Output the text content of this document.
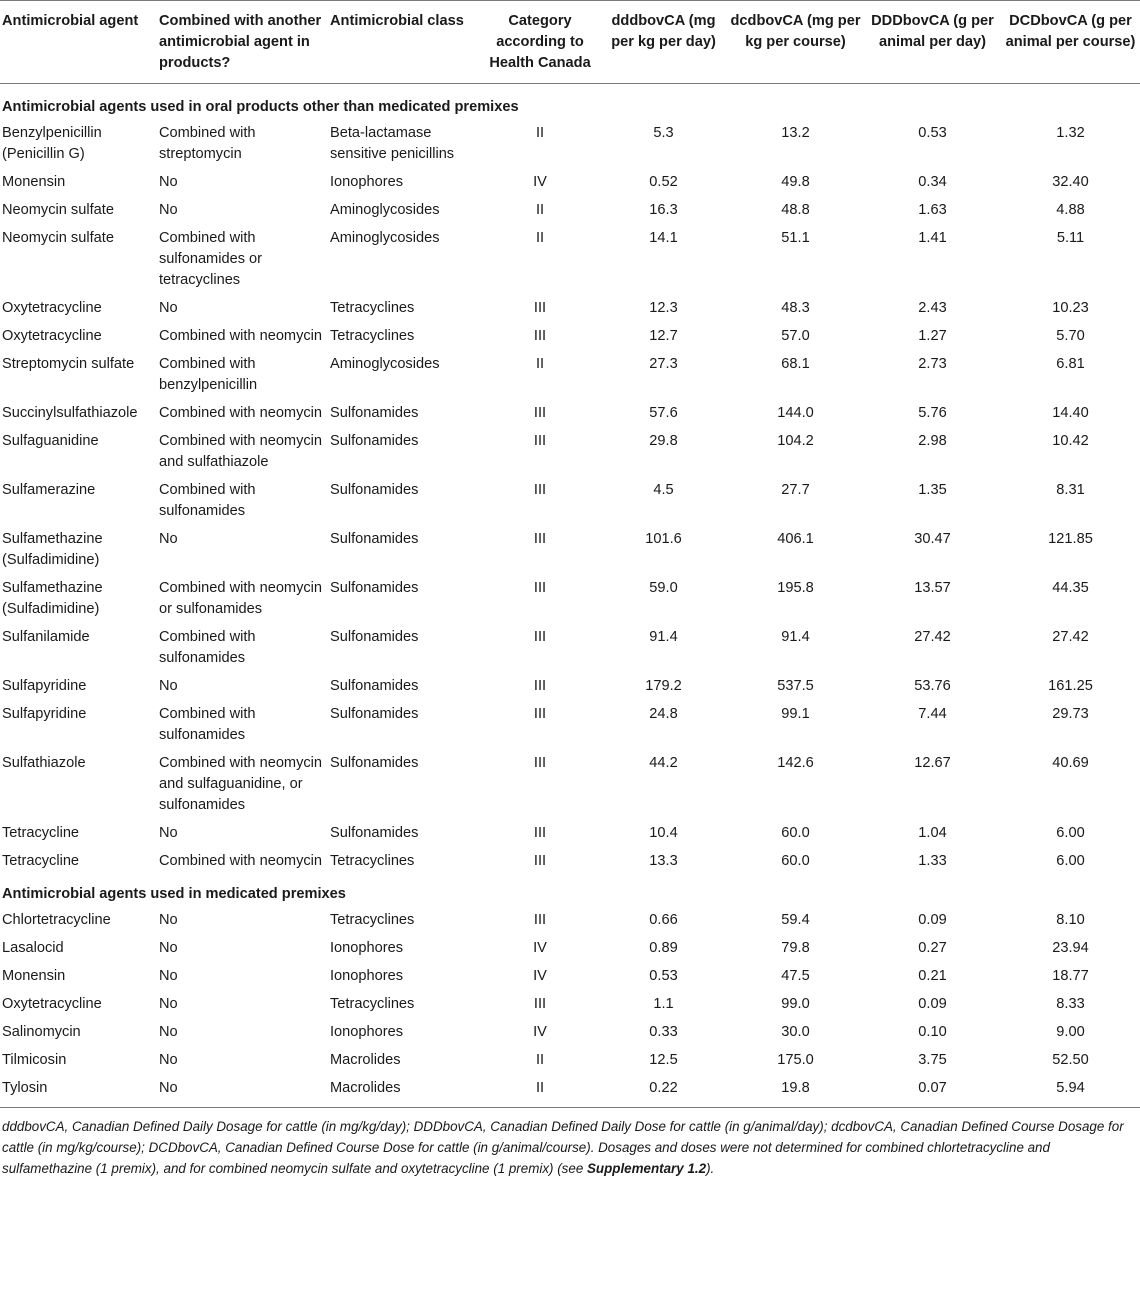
Antimicrobial agent	Combined with another antimicrobial agent in products?	Antimicrobial class	Category according to Health Canada	dddbovCA (mg per kg per day)	dcdbovCA (mg per kg per course)	DDDbovCA (g per animal per day)	DCDbovCA (g per animal per course)
Antimicrobial agents used in oral products other than medicated premixes							
Benzylpenicillin (Penicillin G)	Combined with streptomycin	Beta-lactamase sensitive penicillins	II	5.3	13.2	0.53	1.32
Monensin	No	Ionophores	IV	0.52	49.8	0.34	32.40
Neomycin sulfate	No	Aminoglycosides	II	16.3	48.8	1.63	4.88
Neomycin sulfate	Combined with sulfonamides or tetracyclines	Aminoglycosides	II	14.1	51.1	1.41	5.11
Oxytetracycline	No	Tetracyclines	III	12.3	48.3	2.43	10.23
Oxytetracycline	Combined with neomycin	Tetracyclines	III	12.7	57.0	1.27	5.70
Streptomycin sulfate	Combined with benzylpenicillin	Aminoglycosides	II	27.3	68.1	2.73	6.81
Succinylsulfathiazole	Combined with neomycin	Sulfonamides	III	57.6	144.0	5.76	14.40
Sulfaguanidine	Combined with neomycin and sulfathiazole	Sulfonamides	III	29.8	104.2	2.98	10.42
Sulfamerazine	Combined with sulfonamides	Sulfonamides	III	4.5	27.7	1.35	8.31
Sulfamethazine (Sulfadimidine)	No	Sulfonamides	III	101.6	406.1	30.47	121.85
Sulfamethazine (Sulfadimidine)	Combined with neomycin or sulfonamides	Sulfonamides	III	59.0	195.8	13.57	44.35
Sulfanilamide	Combined with sulfonamides	Sulfonamides	III	91.4	91.4	27.42	27.42
Sulfapyridine	No	Sulfonamides	III	179.2	537.5	53.76	161.25
Sulfapyridine	Combined with sulfonamides	Sulfonamides	III	24.8	99.1	7.44	29.73
Sulfathiazole	Combined with neomycin and sulfaguanidine, or sulfonamides	Sulfonamides	III	44.2	142.6	12.67	40.69
Tetracycline	No	Sulfonamides	III	10.4	60.0	1.04	6.00
Tetracycline	Combined with neomycin	Tetracyclines	III	13.3	60.0	1.33	6.00
Antimicrobial agents used in medicated premixes							
Chlortetracycline	No	Tetracyclines	III	0.66	59.4	0.09	8.10
Lasalocid	No	Ionophores	IV	0.89	79.8	0.27	23.94
Monensin	No	Ionophores	IV	0.53	47.5	0.21	18.77
Oxytetracycline	No	Tetracyclines	III	1.1	99.0	0.09	8.33
Salinomycin	No	Ionophores	IV	0.33	30.0	0.10	9.00
Tilmicosin	No	Macrolides	II	12.5	175.0	3.75	52.50
Tylosin	No	Macrolides	II	0.22	19.8	0.07	5.94
dddbovCA, Canadian Defined Daily Dosage for cattle (in mg/kg/day); DDDbovCA, Canadian Defined Daily Dose for cattle (in g/animal/day); dcdbovCA, Canadian Defined Course Dosage for cattle (in mg/kg/course); DCDbovCA, Canadian Defined Course Dose for cattle (in g/animal/course). Dosages and doses were not determined for combined chlortetracycline and sulfamethazine (1 premix), and for combined neomycin sulfate and oxytetracycline (1 premix) (see Supplementary 1.2).
